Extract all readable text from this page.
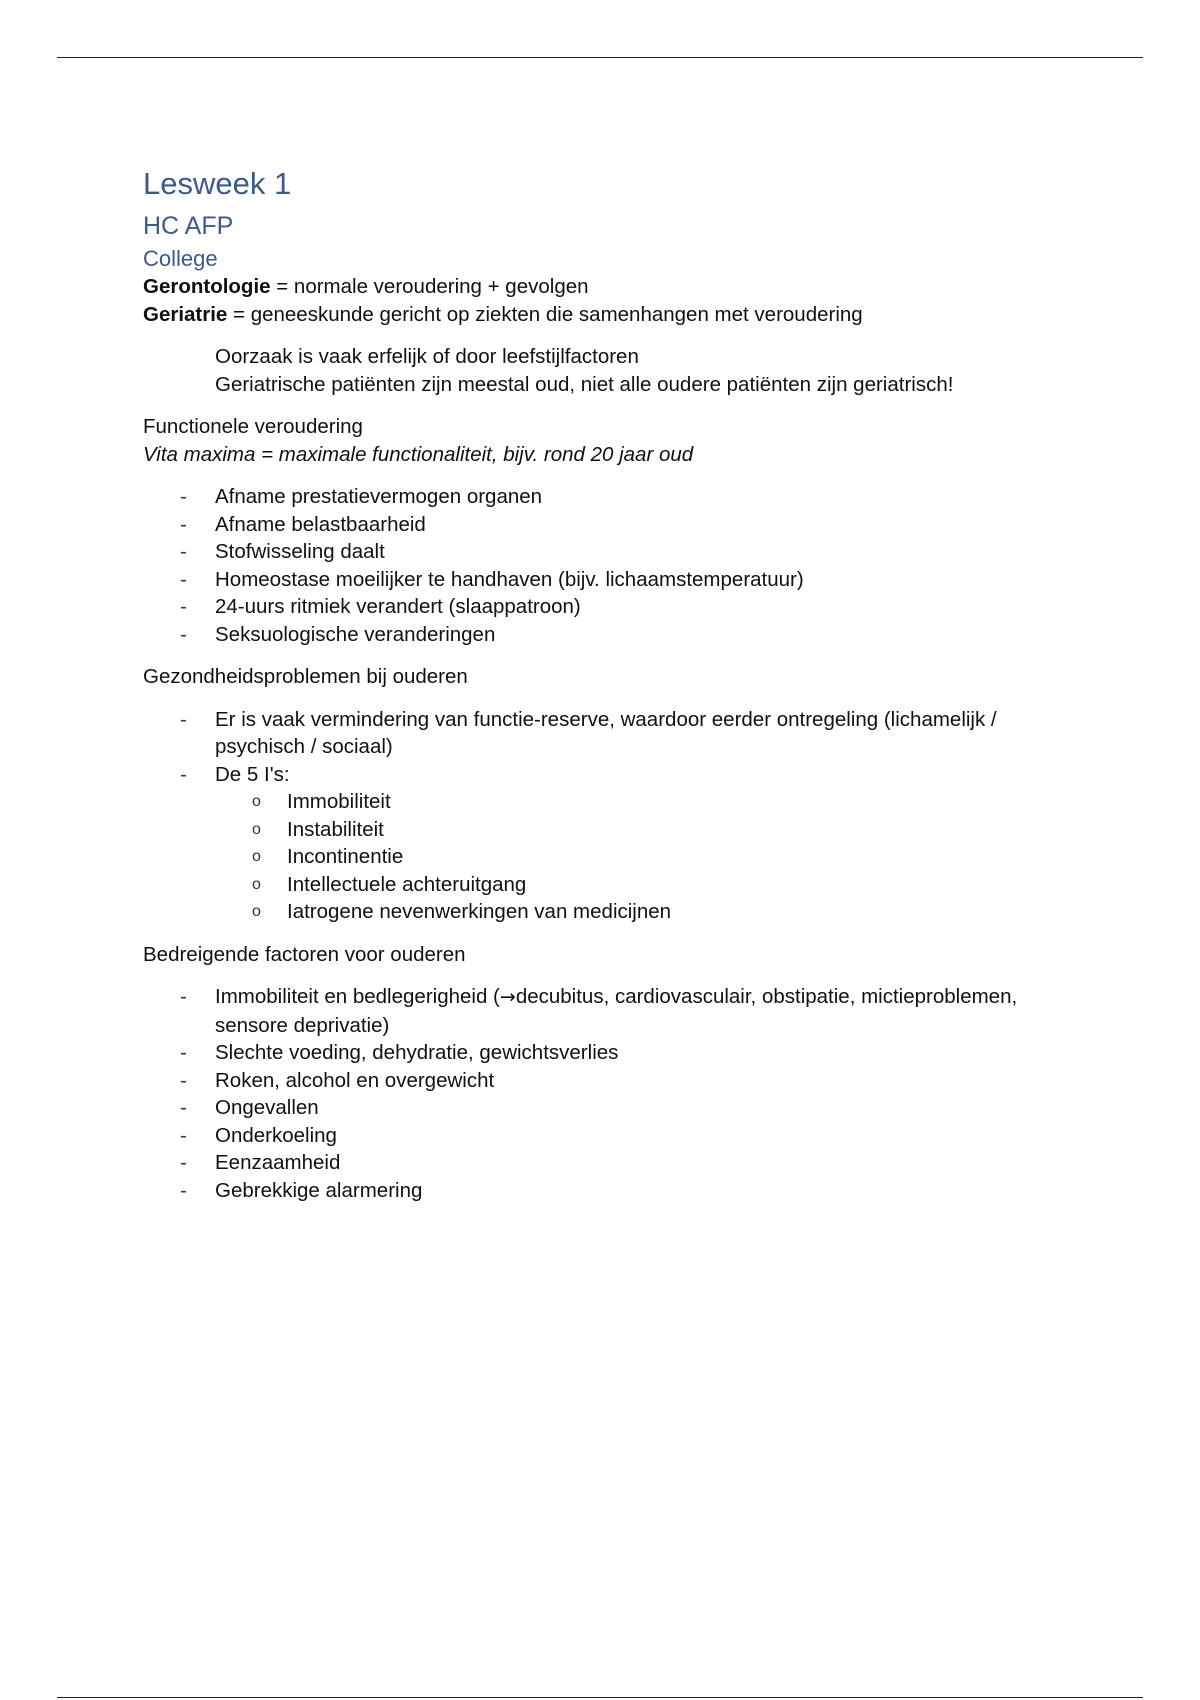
Lesweek 1
HC AFP
College

Gerontologie = normale veroudering + gevolgen

Geriatrie = geneeskunde gericht op ziekten die samenhangen met veroudering

Oorzaak is vaak erfelijk of door leefstijlfactoren

Geriatrische patiënten zijn meestal oud, niet alle oudere patiënten zijn geriatrisch!

Functionele veroudering

Vita maxima = maximale functionaliteit, bijv. rond 20 jaar oud

- Afname prestatievermogen organen
- Afname belastbaarheid
- Stofwisseling daalt
- Homeostase moeilijker te handhaven (bijv. lichaamstemperatuur)
- 24-uurs ritmiek verandert (slaappatroon)
- Seksuologische veranderingen

Gezondheidsproblemen bij ouderen

- Er is vaak vermindering van functie-reserve, waardoor eerder ontregeling (lichamelijk / psychisch / sociaal)
- De 5 I's:
o Immobiliteit
o Instabiliteit
o Incontinentie
o Intellectuele achteruitgang
o Iatrogene nevenwerkingen van medicijnen

Bedreigende factoren voor ouderen

- Immobiliteit en bedlegerigheid (→decubitus, cardiovasculair, obstipatie, mictieproblemen, sensore deprivatie)
- Slechte voeding, dehydratie, gewichtsverlies
- Roken, alcohol en overgewicht
- Ongevallen
- Onderkoeling
- Eenzaamheid
- Gebrekkige alarmering
